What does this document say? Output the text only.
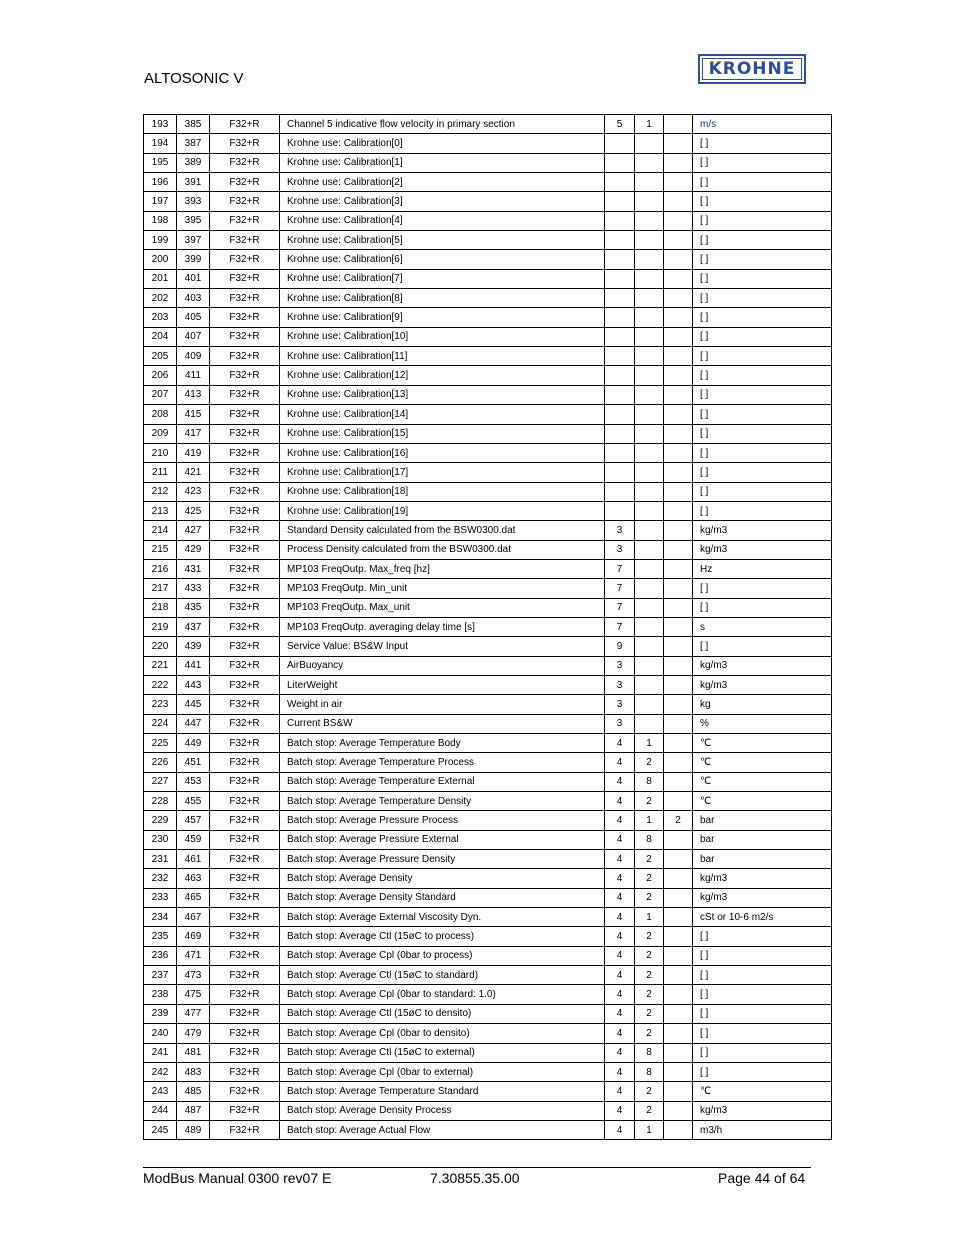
ALTOSONIC V	KROHNE
193	385	F32+R	Channel 5 indicative flow velocity in primary section	5	1		m/s
194	387	F32+R	Krohne use: Calibration[0]				[ ]
195	389	F32+R	Krohne use: Calibration[1]				[ ]
196	391	F32+R	Krohne use: Calibration[2]				[ ]
197	393	F32+R	Krohne use: Calibration[3]				[ ]
198	395	F32+R	Krohne use: Calibration[4]				[ ]
199	397	F32+R	Krohne use: Calibration[5]				[ ]
200	399	F32+R	Krohne use: Calibration[6]				[ ]
201	401	F32+R	Krohne use: Calibration[7]				[ ]
202	403	F32+R	Krohne use: Calibration[8]				[ ]
203	405	F32+R	Krohne use: Calibration[9]				[ ]
204	407	F32+R	Krohne use: Calibration[10]				[ ]
205	409	F32+R	Krohne use: Calibration[11]				[ ]
206	411	F32+R	Krohne use: Calibration[12]				[ ]
207	413	F32+R	Krohne use: Calibration[13]				[ ]
208	415	F32+R	Krohne use: Calibration[14]				[ ]
209	417	F32+R	Krohne use: Calibration[15]				[ ]
210	419	F32+R	Krohne use: Calibration[16]				[ ]
211	421	F32+R	Krohne use: Calibration[17]				[ ]
212	423	F32+R	Krohne use: Calibration[18]				[ ]
213	425	F32+R	Krohne use: Calibration[19]				[ ]
214	427	F32+R	Standard Density calculated from the BSW0300.dat	3			kg/m3
215	429	F32+R	Process Density calculated from the BSW0300.dat	3			kg/m3
216	431	F32+R	MP103 FreqOutp. Max_freq [hz]	7			Hz
217	433	F32+R	MP103 FreqOutp. Min_unit	7			[ ]
218	435	F32+R	MP103 FreqOutp. Max_unit	7			[ ]
219	437	F32+R	MP103 FreqOutp. averaging delay time [s]	7			s
220	439	F32+R	Service Value: BS&W Input	9			[ ]
221	441	F32+R	AirBuoyancy	3			kg/m3
222	443	F32+R	LiterWeight	3			kg/m3
223	445	F32+R	Weight in air	3			kg
224	447	F32+R	Current BS&W	3			%
225	449	F32+R	Batch stop: Average Temperature Body	4	1		℃
226	451	F32+R	Batch stop: Average Temperature Process	4	2		℃
227	453	F32+R	Batch stop: Average Temperature External	4	8		℃
228	455	F32+R	Batch stop: Average Temperature Density	4	2		℃
229	457	F32+R	Batch stop: Average Pressure Process	4	1	2	bar
230	459	F32+R	Batch stop: Average Pressure External	4	8		bar
231	461	F32+R	Batch stop: Average Pressure Density	4	2		bar
232	463	F32+R	Batch stop: Average Density	4	2		kg/m3
233	465	F32+R	Batch stop: Average Density Standard	4	2		kg/m3
234	467	F32+R	Batch stop: Average External Viscosity Dyn.	4	1		cSt or 10-6 m2/s
235	469	F32+R	Batch stop: Average Ctl (15øC to process)	4	2		[ ]
236	471	F32+R	Batch stop: Average Cpl (0bar to process)	4	2		[ ]
237	473	F32+R	Batch stop: Average Ctl (15øC to standard)	4	2		[ ]
238	475	F32+R	Batch stop: Average Cpl (0bar to standard: 1.0)	4	2		[ ]
239	477	F32+R	Batch stop: Average Ctl (15øC to densito)	4	2		[ ]
240	479	F32+R	Batch stop: Average Cpl (0bar to densito)	4	2		[ ]
241	481	F32+R	Batch stop: Average Ctl (15øC to external)	4	8		[ ]
242	483	F32+R	Batch stop: Average Cpl (0bar to external)	4	8		[ ]
243	485	F32+R	Batch stop: Average Temperature Standard	4	2		℃
244	487	F32+R	Batch stop: Average Density Process	4	2		kg/m3
245	489	F32+R	Batch stop: Average Actual Flow	4	1		m3/h
ModBus Manual 0300 rev07 E	7.30855.35.00	Page 44 of 64
